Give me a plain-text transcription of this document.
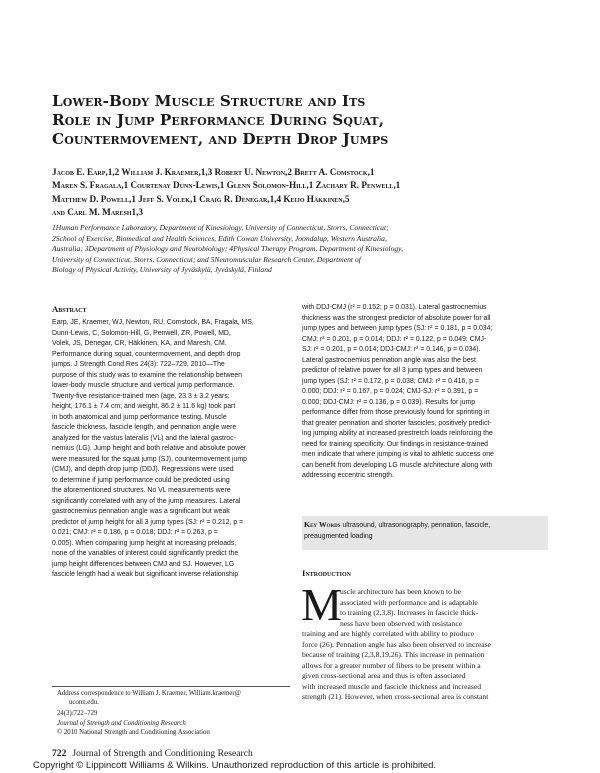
Lower-Body Muscle Structure and Its
Role in Jump Performance During Squat,
Countermovement, and Depth Drop Jumps
Jacob E. Earp,1,2 William J. Kraemer,1,3 Robert U. Newton,2 Brett A. Comstock,1
Maren S. Fragala,1 Courtenay Dunn-Lewis,1 Glenn Solomon-Hill,1 Zachary R. Penwell,1
Matthew D. Powell,1 Jeff S. Volek,1 Craig R. Denegar,1,4 Keijo Häkkinen,5
and Carl M. Maresh1,3
1Human Performance Laboratory, Department of Kinesiology, University of Connecticut, Storrs, Connecticut;
2School of Exercise, Biomedical and Health Sciences, Edith Cowan University, Joondalup, Western Australia,
Australia; 3Department of Physiology and Neurobiology; 4Physical Therapy Program, Department of Kinesiology,
University of Connecticut, Storrs, Connecticut; and 5Neuromuscular Research Center, Department of
Biology of Physical Activity, University of Jyväskylä, Jyväskylä, Finland
Abstract
Earp, JE, Kraemer, WJ, Newton, RU, Comstock, BA, Fragala, MS,
Dunn-Lewis, C, Solomon-Hill, G, Penwell, ZR, Powell, MD,
Volek, JS, Denegar, CR, Häkkinen, KA, and Maresh, CM.
Performance during squat, countermovement, and depth drop
jumps. J Strength Cond Res 24(3): 722–729, 2010—The
purpose of this study was to examine the relationship between
lower-body muscle structure and vertical jump performance.
Twenty-five resistance-trained men (age, 23.3 ± 3.2 years;
height, 176.1 ± 7.4 cm; and weight, 86.2 ± 11.6 kg) took part
in both anatomical and jump performance testing. Muscle
fascicle thickness, fascicle length, and pennation angle were
analyzed for the vastus lateralis (VL) and the lateral gastroc-
nemius (LG). Jump height and both relative and absolute power
were measured for the squat jump (SJ), countermovement jump
(CMJ), and depth drop jump (DDJ). Regressions were used
to determine if jump performance could be predicted using
the aforementioned structures. No VL measurements were
significantly correlated with any of the jump measures. Lateral
gastrocnemius pennation angle was a significant but weak
predictor of jump height for all 3 jump types (SJ: r² = 0.212, p =
0.021; CMJ: r² = 0.186, p = 0.018; DDJ: r² = 0.263, p =
0.005). When comparing jump height at increasing preloads,
none of the variables of interest could significantly predict the
jump height differences between CMJ and SJ. However, LG
fascicle length had a weak but significant inverse relationship
with DDJ-CMJ (r² = 0.152; p = 0.031). Lateral gastrocnemius
thickness was the strongest predictor of absolute power for all
jump types and between jump types (SJ: r² = 0.181, p = 0.034;
CMJ: r² = 0.201, p = 0.014; DDJ: r² = 0.122, p = 0.049; CMJ-
SJ: r² = 0.201, p = 0.014; DDJ-CMJ: r² = 0.146, p = 0.034).
Lateral gastrocnemius pennation angle was also the best
predictor of relative power for all 3 jump types and between
jump types (SJ: r² = 0.172, p = 0.038; CMJ: r² = 0.416, p =
0.000; DDJ: r² = 0.167, p = 0.024; CMJ-SJ: r² = 0.391, p =
0.000; DDJ-CMJ: r² = 0.136, p = 0.039). Results for jump
performance differ from those previously found for sprinting in
that greater pennation and shorter fascicles, positively predict-
ing jumping ability at increased prestretch loads reinforcing the
need for training specificity. Our findings in resistance-trained
men indicate that where jumping is vital to athletic success one
can benefit from developing LG muscle architecture along with
addressing eccentric strength.
Key Words ultrasound, ultrasonography, pennation, fascicle,
preaugmented loading
Introduction
M
uscle architecture has been known to be
associated with performance and is adaptable
to training (2,3,8). Increases in fascicle thick-
ness have been observed with resistance
training and are highly correlated with ability to produce
force (26). Pennation angle has also been observed to increase
because of training (2,3,8,19,26). This increase in pennation
allows for a greater number of fibers to be present within a
given cross-sectional area and thus is often associated
with increased muscle and fascicle thickness and increased
strength (21). However, when cross-sectional area is constant
Address correspondence to William J. Kraemer, William.kraemer@
uconn.edu.
24(3)/722–729
Journal of Strength and Conditioning Research
© 2010 National Strength and Conditioning Association
722 Journal of Strength and Conditioning Research
Copyright © Lippincott Williams & Wilkins. Unauthorized reproduction of this article is prohibited.
